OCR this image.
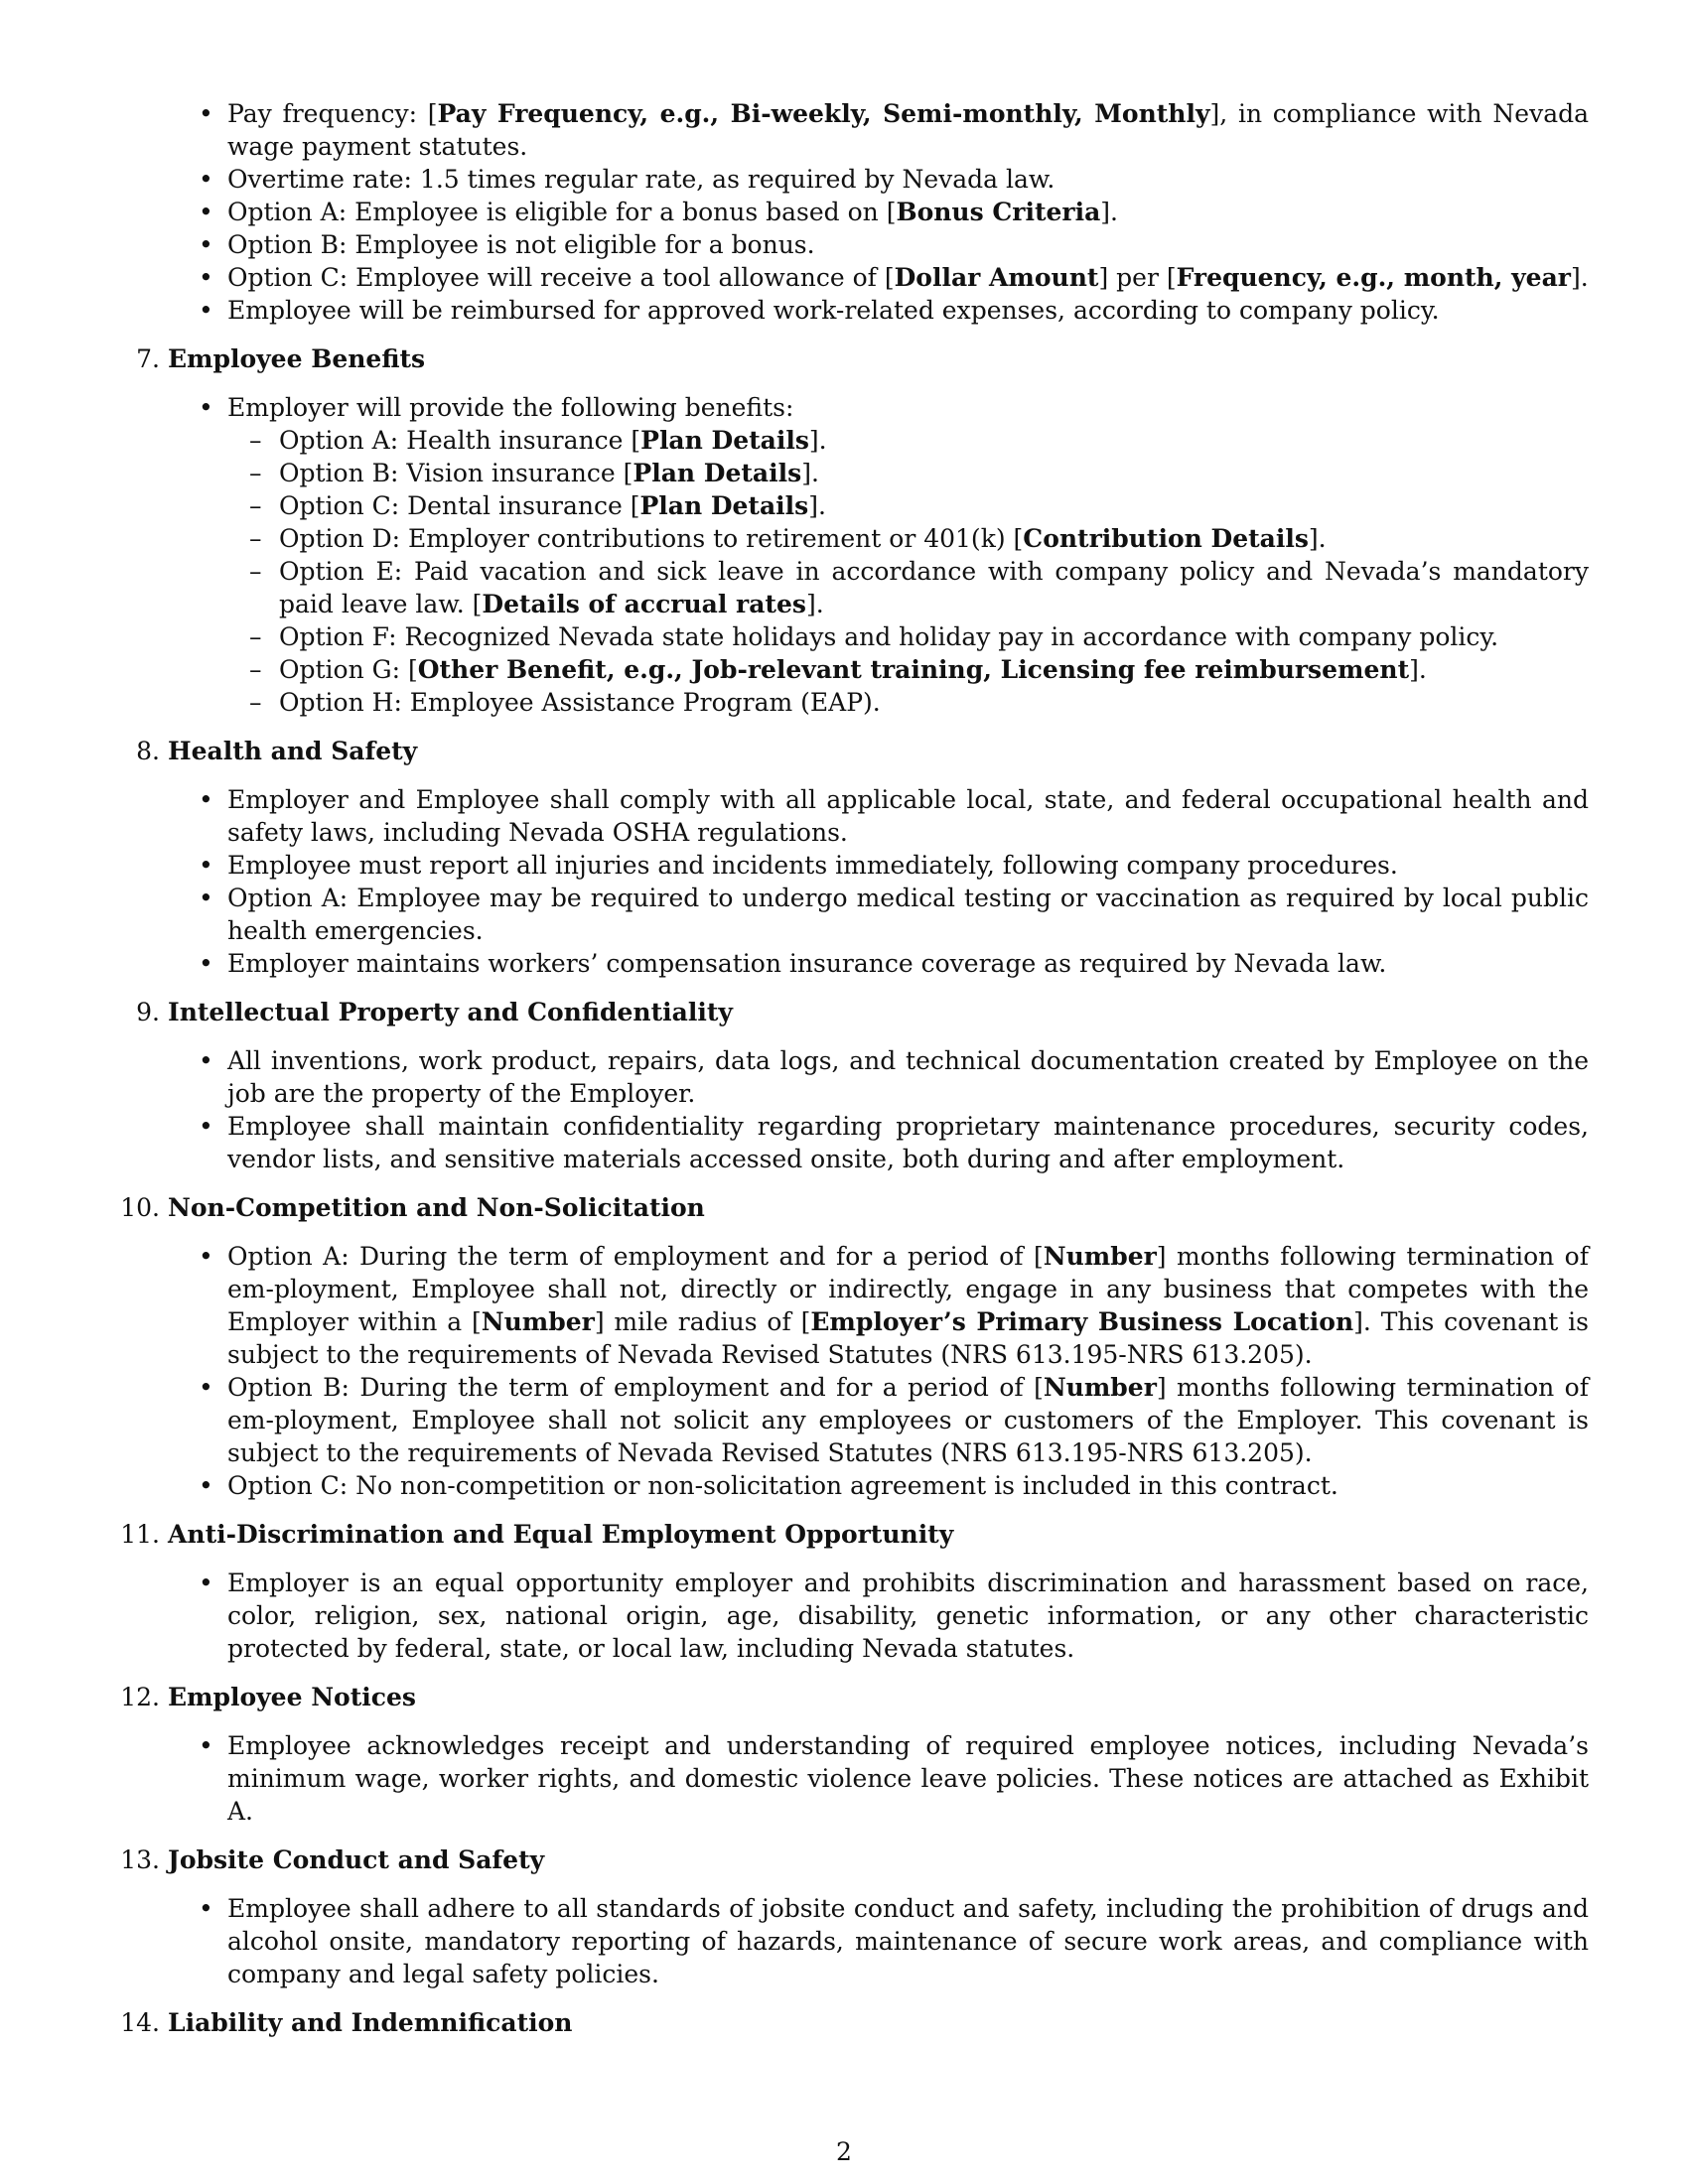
• Pay frequency: [Pay Frequency, e.g., Bi-weekly, Semi-monthly, Monthly], in compliance with Nevada wage payment statutes.
• Overtime rate: 1.5 times regular rate, as required by Nevada law.
• Option A: Employee is eligible for a bonus based on [Bonus Criteria].
• Option B: Employee is not eligible for a bonus.
• Option C: Employee will receive a tool allowance of [Dollar Amount] per [Frequency, e.g., month, year].
• Employee will be reimbursed for approved work-related expenses, according to company policy.
7. Employee Benefits
• Employer will provide the following benefits:
– Option A: Health insurance [Plan Details].
– Option B: Vision insurance [Plan Details].
– Option C: Dental insurance [Plan Details].
– Option D: Employer contributions to retirement or 401(k) [Contribution Details].
– Option E: Paid vacation and sick leave in accordance with company policy and Nevada’s mandatory paid leave law. [Details of accrual rates].
– Option F: Recognized Nevada state holidays and holiday pay in accordance with company policy.
– Option G: [Other Benefit, e.g., Job-relevant training, Licensing fee reimbursement].
– Option H: Employee Assistance Program (EAP).
8. Health and Safety
• Employer and Employee shall comply with all applicable local, state, and federal occupational health and safety laws, including Nevada OSHA regulations.
• Employee must report all injuries and incidents immediately, following company procedures.
• Option A: Employee may be required to undergo medical testing or vaccination as required by local public health emergencies.
• Employer maintains workers’ compensation insurance coverage as required by Nevada law.
9. Intellectual Property and Confidentiality
• All inventions, work product, repairs, data logs, and technical documentation created by Employee on the job are the property of the Employer.
• Employee shall maintain confidentiality regarding proprietary maintenance procedures, security codes, vendor lists, and sensitive materials accessed onsite, both during and after employment.
10. Non-Competition and Non-Solicitation
• Option A: During the term of employment and for a period of [Number] months following termination of em-ployment, Employee shall not, directly or indirectly, engage in any business that competes with the Employer within a [Number] mile radius of [Employer’s Primary Business Location]. This covenant is subject to the requirements of Nevada Revised Statutes (NRS 613.195-NRS 613.205).
• Option B: During the term of employment and for a period of [Number] months following termination of em-ployment, Employee shall not solicit any employees or customers of the Employer. This covenant is subject to the requirements of Nevada Revised Statutes (NRS 613.195-NRS 613.205).
• Option C: No non-competition or non-solicitation agreement is included in this contract.
11. Anti-Discrimination and Equal Employment Opportunity
• Employer is an equal opportunity employer and prohibits discrimination and harassment based on race, color, religion, sex, national origin, age, disability, genetic information, or any other characteristic protected by federal, state, or local law, including Nevada statutes.
12. Employee Notices
• Employee acknowledges receipt and understanding of required employee notices, including Nevada’s minimum wage, worker rights, and domestic violence leave policies. These notices are attached as Exhibit A.
13. Jobsite Conduct and Safety
• Employee shall adhere to all standards of jobsite conduct and safety, including the prohibition of drugs and alcohol onsite, mandatory reporting of hazards, maintenance of secure work areas, and compliance with company and legal safety policies.
14. Liability and Indemnification
2
